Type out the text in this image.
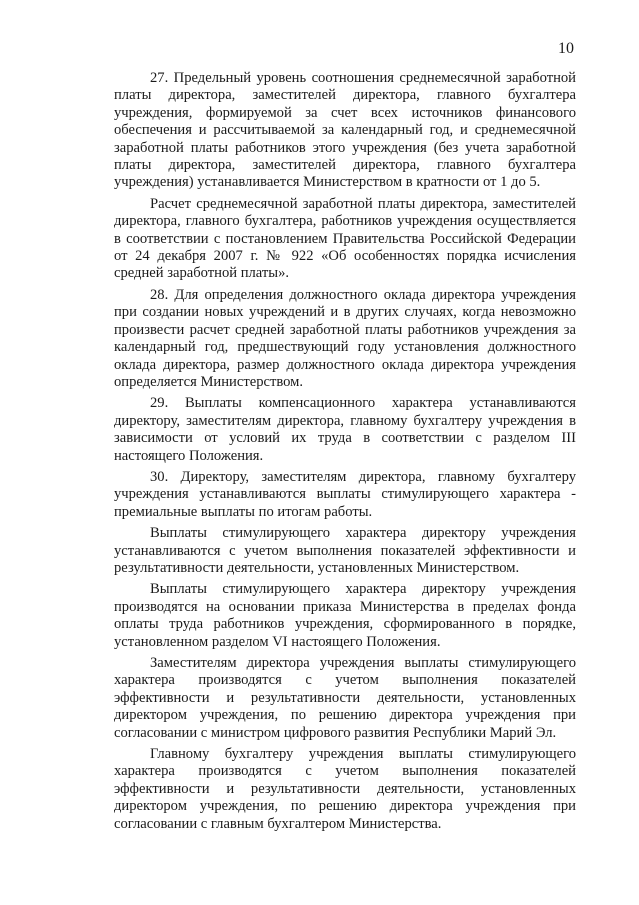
10

27. Предельный уровень соотношения среднемесячной заработной платы директора, заместителей директора, главного бухгалтера учреждения, формируемой за счет всех источников финансового обеспечения и рассчитываемой за календарный год, и среднемесячной заработной платы работников этого учреждения (без учета заработной платы директора, заместителей директора, главного бухгалтера учреждения) устанавливается Министерством в кратности от 1 до 5.

Расчет среднемесячной заработной платы директора, заместителей директора, главного бухгалтера, работников учреждения осуществляется в соответствии с постановлением Правительства Российской Федерации от 24 декабря 2007 г. № 922 «Об особенностях порядка исчисления средней заработной платы».

28. Для определения должностного оклада директора учреждения при создании новых учреждений и в других случаях, когда невозможно произвести расчет средней заработной платы работников учреждения за календарный год, предшествующий году установления должностного оклада директора, размер должностного оклада директора учреждения определяется Министерством.

29. Выплаты компенсационного характера устанавливаются директору, заместителям директора, главному бухгалтеру учреждения в зависимости от условий их труда в соответствии с разделом III настоящего Положения.

30. Директору, заместителям директора, главному бухгалтеру учреждения устанавливаются выплаты стимулирующего характера - премиальные выплаты по итогам работы.

Выплаты стимулирующего характера директору учреждения устанавливаются с учетом выполнения показателей эффективности и результативности деятельности, установленных Министерством.

Выплаты стимулирующего характера директору учреждения производятся на основании приказа Министерства в пределах фонда оплаты труда работников учреждения, сформированного в порядке, установленном разделом VI настоящего Положения.

Заместителям директора учреждения выплаты стимулирующего характера производятся с учетом выполнения показателей эффективности и результативности деятельности, установленных директором учреждения, по решению директора учреждения при согласовании с министром цифрового развития Республики Марий Эл.

Главному бухгалтеру учреждения выплаты стимулирующего характера производятся с учетом выполнения показателей эффективности и результативности деятельности, установленных директором учреждения, по решению директора учреждения при согласовании с главным бухгалтером Министерства.
